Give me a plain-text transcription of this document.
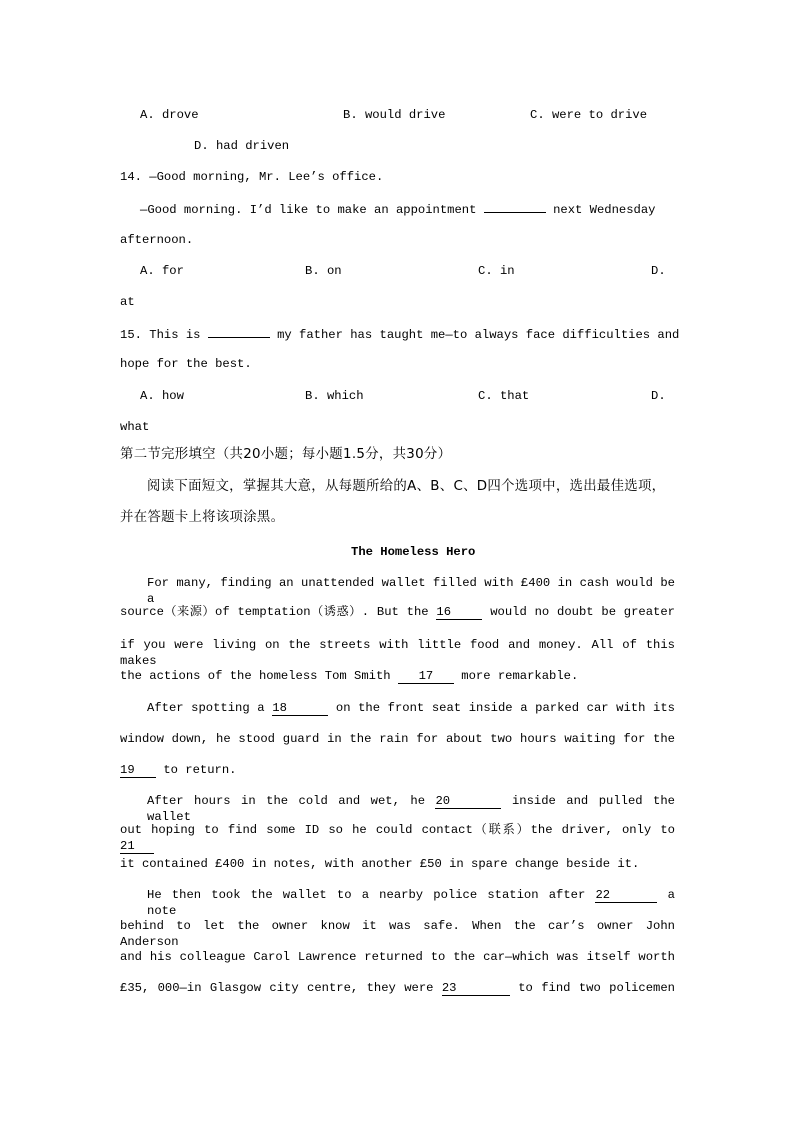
A. drove	B. would drive	C. were to drive
D. had driven
14. —Good morning, Mr. Lee’s office.
—Good morning. I’d like to make an appointment	next Wednesday
afternoon.
A. for	B. on	C. in	D.
at
15. This is	my father has taught me—to always face difficulties and
hope for the best.
A. how	B. which	C. that	D.
what
第二节完形填空（共20小题；每小题1.5分，共30分）
阅读下面短文，掌握其大意，从每题所给的A、B、C、D四个选项中，选出最佳选项，
并在答题卡上将该项涂黑。
The Homeless Hero
For many, finding an unattended wallet filled with £400 in cash would be a
source（来源）of temptation（诱惑）. But the 16	would no doubt be greater
if you were living on the streets with little food and money. All of this makes
the actions of the homeless Tom Smith 17 more remarkable.
After spotting a 18	on the front seat inside a parked car with its
window down, he stood guard in the rain for about two hours waiting for the
19 to return.
After hours in the cold and wet, he 20	inside and pulled the wallet
out hoping to find some ID so he could contact（联系）the driver, only to 21
it contained £400 in notes, with another £50 in spare change beside it.
He then took the wallet to a nearby police station after 22	a note
behind to let the owner know it was safe. When the car’s owner John Anderson
and his colleague Carol Lawrence returned to the car—which was itself worth
£35, 000—in Glasgow city centre, they were 23	to find two policemen
